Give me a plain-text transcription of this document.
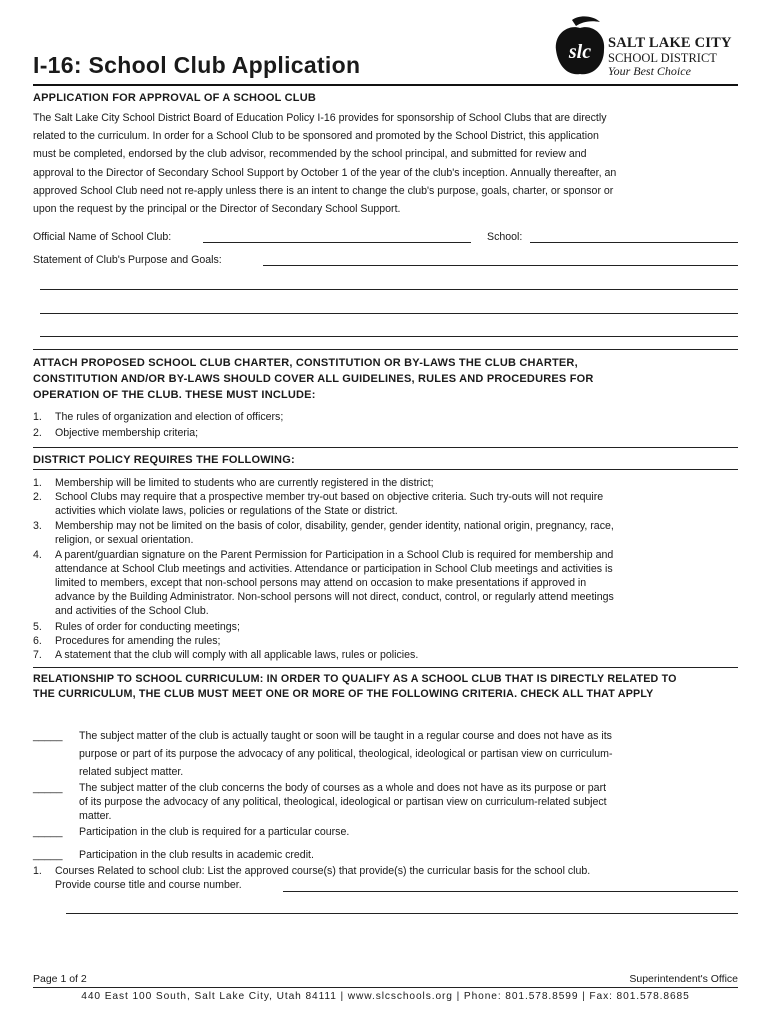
I-16: School Club Application	slc SALT LAKE CITY
SCHOOL DISTRICT
Your Best Choice
APPLICATION FOR APPROVAL OF A SCHOOL CLUB
The Salt Lake City School District Board of Education Policy I-16 provides for sponsorship of School Clubs that are directly
related to the curriculum. In order for a School Club to be sponsored and promoted by the School District, this application
must be completed, endorsed by the club advisor, recommended by the school principal, and submitted for review and
approval to the Director of Secondary School Support by October 1 of the year of the club's inception. Annually thereafter, an
approved School Club need not re-apply unless there is an intent to change the club's purpose, goals, charter, or sponsor or
upon the request by the principal or the Director of Secondary School Support.
Official Name of School Club:	School:
Statement of Club's Purpose and Goals:
ATTACH PROPOSED SCHOOL CLUB CHARTER, CONSTITUTION OR BY-LAWS THE CLUB CHARTER,
CONSTITUTION AND/OR BY-LAWS SHOULD COVER ALL GUIDELINES, RULES AND PROCEDURES FOR
OPERATION OF THE CLUB. THESE MUST INCLUDE:
1. The rules of organization and election of officers;
2. Objective membership criteria;
DISTRICT POLICY REQUIRES THE FOLLOWING:
1. Membership will be limited to students who are currently registered in the district;
2. School Clubs may require that a prospective member try-out based on objective criteria. Such try-outs will not require
activities which violate laws, policies or regulations of the State or district.
3. Membership may not be limited on the basis of color, disability, gender, gender identity, national origin, pregnancy, race,
religion, or sexual orientation.
4. A parent/guardian signature on the Parent Permission for Participation in a School Club is required for membership and
attendance at School Club meetings and activities. Attendance or participation in School Club meetings and activities is
limited to members, except that non-school persons may attend on occasion to make presentations if approved in
advance by the Building Administrator. Non-school persons will not direct, conduct, control, or regularly attend meetings
and activities of the School Club.
5. Rules of order for conducting meetings;
6. Procedures for amending the rules;
7. A statement that the club will comply with all applicable laws, rules or policies.
RELATIONSHIP TO SCHOOL CURRICULUM: IN ORDER TO QUALIFY AS A SCHOOL CLUB THAT IS DIRECTLY RELATED TO
THE CURRICULUM, THE CLUB MUST MEET ONE OR MORE OF THE FOLLOWING CRITERIA. CHECK ALL THAT APPLY
_____ The subject matter of the club is actually taught or soon will be taught in a regular course and does not have as its
purpose or part of its purpose the advocacy of any political, theological, ideological or partisan view on curriculum-
related subject matter.
_____ The subject matter of the club concerns the body of courses as a whole and does not have as its purpose or part
of its purpose the advocacy of any political, theological, ideological or partisan view on curriculum-related subject
matter.
_____ Participation in the club is required for a particular course.
_____ Participation in the club results in academic credit.
1. Courses Related to school club: List the approved course(s) that provide(s) the curricular basis for the school club.
Provide course title and course number.
Page 1 of 2	Superintendent's Office
440 East 100 South, Salt Lake City, Utah 84111 | www.slcschools.org | Phone: 801.578.8599 | Fax: 801.578.8685
